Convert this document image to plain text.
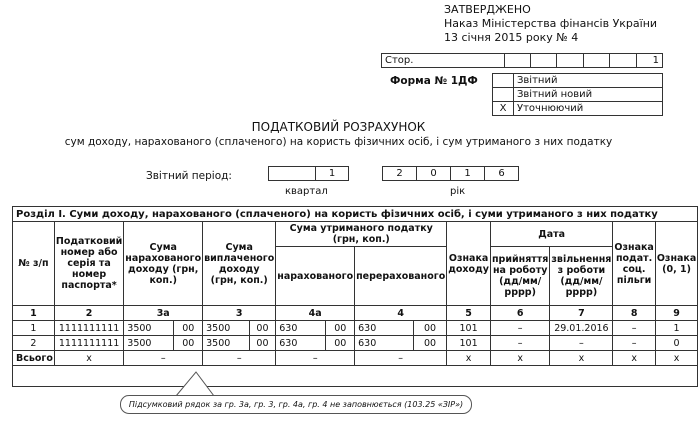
ЗАТВЕРДЖЕНО
Наказ Міністерства фінансів України
13 січня 2015 року № 4
Стор.						1
Форма № 1ДФ
		Звітний
	Звітний новий
X	Уточнюючий
ПОДАТКОВИЙ РОЗРАХУНОК
сум доходу, нарахованого (сплаченого) на користь фізичних осіб, і сум утриманого з них податку
Звітний період:
		1
квартал
2	0	1	6
рік
Розділ І. Суми доходу, нарахованого (сплаченого) на користь фізичних осіб, і суми утриманого з них податку														
№ з/п	Податковий номер або серія та номер паспорта*	Сума нарахованого доходу (грн, коп.)		Сума виплаченого доходу (грн, коп.)		Сума утриманого податку (грн, коп.)				Ознака доходу	Дата		Ознака подат. соц. пільги	Ознака (0, 1)
						нарахованого		перерахованого			прийняття на роботу (дд/мм/рррр)	звільнення з роботи (дд/мм/рррр)		
1	2	3а		3		4а		4		5	6	7	8	9
1	1111111111	3500	00	3500	00	630	00	630	00	101	–	29.01.2016	–	1
2	1111111111	3500	00	3500	00	630	00	630	00	101	–	–	–	0
Всього	х	–		–		–		–		х	х	х	х	х

Підсумковий рядок за гр. 3а, гр. 3, гр. 4а, гр. 4 не заповнюється (103.25 «ЗІР»)
